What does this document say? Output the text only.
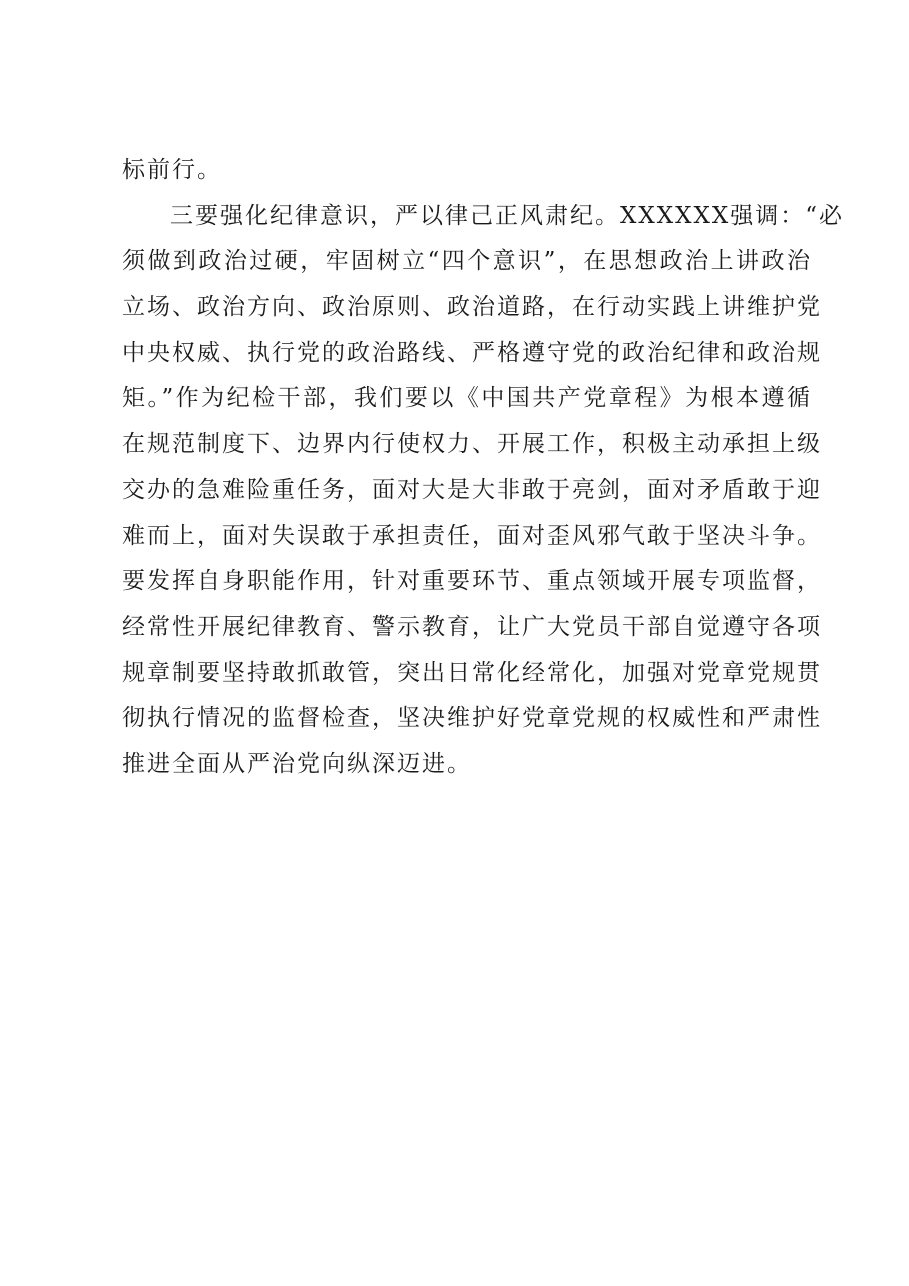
标前行。
三要强化纪律意识，严以律己正风肃纪。XXXXXX强调：“必
须做到政治过硬，牢固树立“四个意识”，在思想政治上讲政治
立场、政治方向、政治原则、政治道路，在行动实践上讲维护党
中央权威、执行党的政治路线、严格遵守党的政治纪律和政治规
矩。”作为纪检干部，我们要以《中国共产党章程》为根本遵循
在规范制度下、边界内行使权力、开展工作，积极主动承担上级
交办的急难险重任务，面对大是大非敢于亮剑，面对矛盾敢于迎
难而上，面对失误敢于承担责任，面对歪风邪气敢于坚决斗争。
要发挥自身职能作用，针对重要环节、重点领域开展专项监督，
经常性开展纪律教育、警示教育，让广大党员干部自觉遵守各项
规章制要坚持敢抓敢管，突出日常化经常化，加强对党章党规贯
彻执行情况的监督检查，坚决维护好党章党规的权威性和严肃性
推进全面从严治党向纵深迈进。
